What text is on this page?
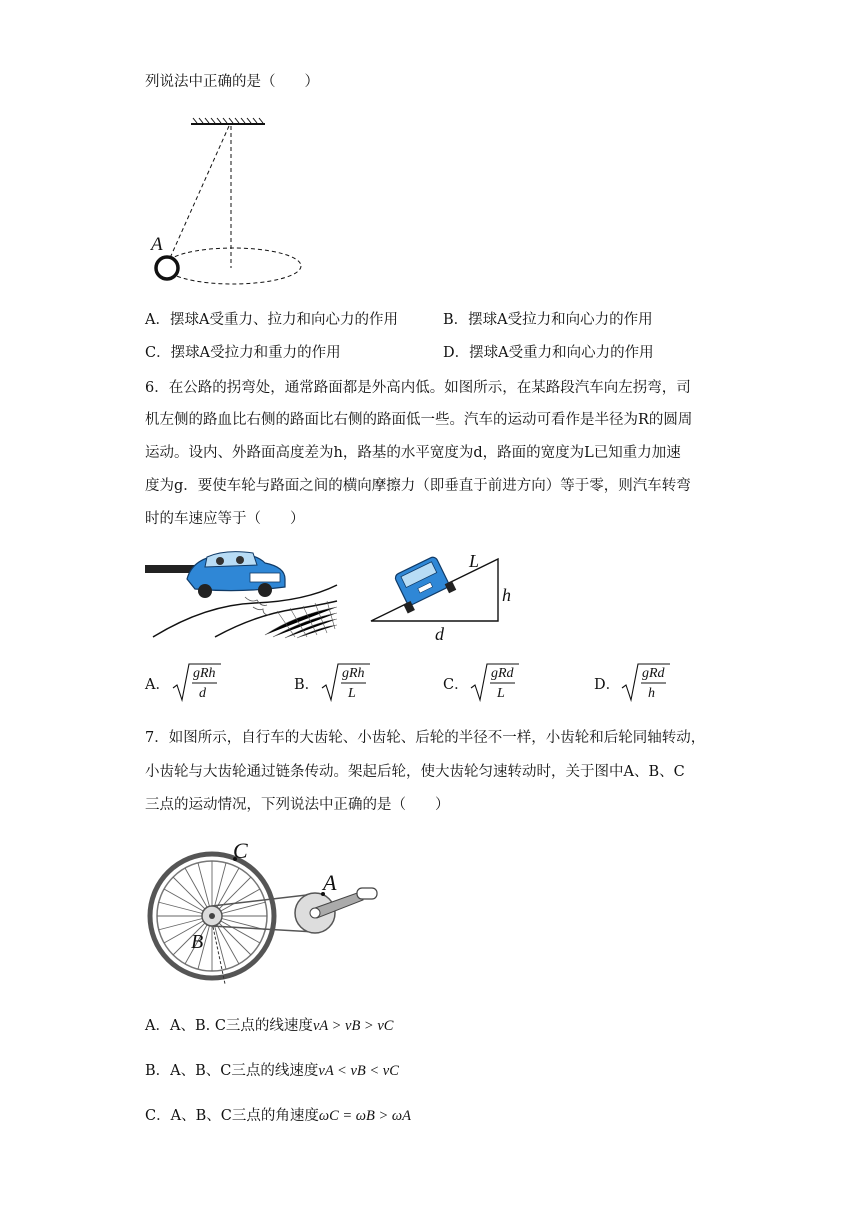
列说法中正确的是（　　）
A
A．摆球A受重力、拉力和向心力的作用	B．摆球A受拉力和向心力的作用
C．摆球A受拉力和重力的作用	D．摆球A受重力和向心力的作用
6．在公路的拐弯处，通常路面都是外高内低。如图所示，在某路段汽车向左拐弯，司
机左侧的路血比右侧的路面比右侧的路面低一些。汽车的运动可看作是半径为R的圆周
运动。设内、外路面高度差为h，路基的水平宽度为d，路面的宽度为L已知重力加速
度为g．要使车轮与路面之间的横向摩擦力（即垂直于前进方向）等于零，则汽车转弯
时的车速应等于（　　）
L
h
d
A．
gRh
d
B．
gRh
L
C．
gRd
L
D．
gRd
h
7．如图所示，自行车的大齿轮、小齿轮、后轮的半径不一样，小齿轮和后轮同轴转动，
小齿轮与大齿轮通过链条传动。架起后轮，使大齿轮匀速转动时，关于图中A、B、C
三点的运动情况，下列说法中正确的是（　　）
C
A
B
A．A、B. C三点的线速度vA > vB > vC
B．A、B、C三点的线速度vA < vB < vC
C．A、B、C三点的角速度ωC = ωB > ωA
